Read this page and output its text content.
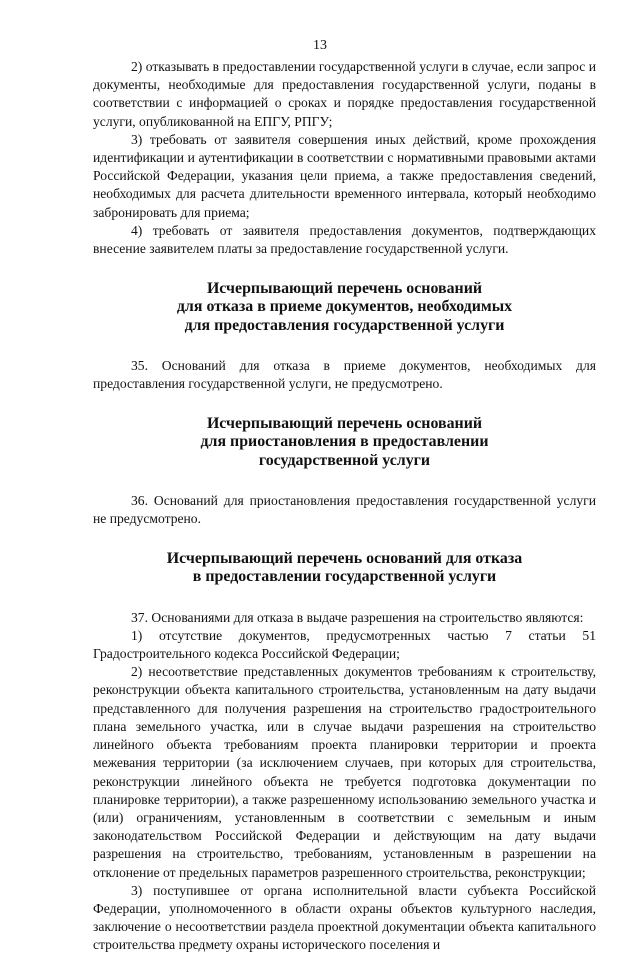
13

2) отказывать в предоставлении государственной услуги в случае, если запрос и документы, необходимые для предоставления государственной услуги, поданы в соответствии с информацией о сроках и порядке предоставления государственной услуги, опубликованной на ЕПГУ, РПГУ;

3) требовать от заявителя совершения иных действий, кроме прохождения идентификации и аутентификации в соответствии с нормативными правовыми актами Российской Федерации, указания цели приема, а также предоставления сведений, необходимых для расчета длительности временного интервала, который необходимо забронировать для приема;

4) требовать от заявителя предоставления документов, подтверждающих внесение заявителем платы за предоставление государственной услуги.

Исчерпывающий перечень оснований
для отказа в приеме документов, необходимых
для предоставления государственной услуги

35. Оснований для отказа в приеме документов, необходимых для предоставления государственной услуги, не предусмотрено.

Исчерпывающий перечень оснований
для приостановления в предоставлении
государственной услуги

36. Оснований для приостановления предоставления государственной услуги не предусмотрено.

Исчерпывающий перечень оснований для отказа
в предоставлении государственной услуги

37. Основаниями для отказа в выдаче разрешения на строительство являются:

1) отсутствие документов, предусмотренных частью 7 статьи 51 Градостроительного кодекса Российской Федерации;

2) несоответствие представленных документов требованиям к строительству, реконструкции объекта капитального строительства, установленным на дату выдачи представленного для получения разрешения на строительство градостроительного плана земельного участка, или в случае выдачи разрешения на строительство линейного объекта требованиям проекта планировки территории и проекта межевания территории (за исключением случаев, при которых для строительства, реконструкции линейного объекта не требуется подготовка документации по планировке территории), а также разрешенному использованию земельного участка и (или) ограничениям, установленным в соответствии с земельным и иным законодательством Российской Федерации и действующим на дату выдачи разрешения на строительство, требованиям, установленным в разрешении на отклонение от предельных параметров разрешенного строительства, реконструкции;

3) поступившее от органа исполнительной власти субъекта Российской Федерации, уполномоченного в области охраны объектов культурного наследия, заключение о несоответствии раздела проектной документации объекта капитального строительства предмету охраны исторического поселения и
